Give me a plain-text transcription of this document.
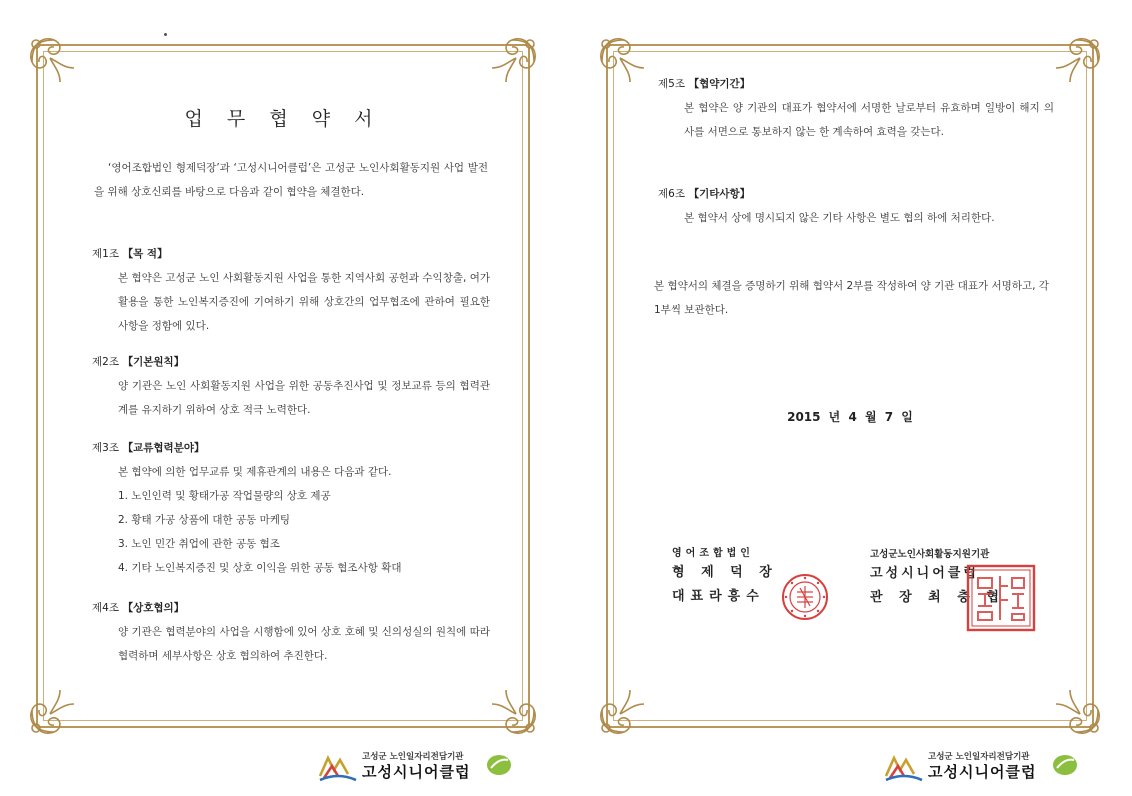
업 무 협 약 서
‘영어조합법인 형제덕장’과 ‘고성시니어클럽’은 고성군 노인사회활동지원 사업 발전을 위해 상호신뢰를 바탕으로 다음과 같이 협약을 체결한다.
제1조 【목 적】
본 협약은 고성군 노인 사회활동지원 사업을 통한 지역사회 공헌과 수익창출, 여가활용을 통한 노인복지증진에 기여하기 위해 상호간의 업무협조에 관하여 필요한 사항을 정함에 있다.
제2조 【기본원칙】
양 기관은 노인 사회활동지원 사업을 위한 공동추진사업 및 정보교류 등의 협력관계를 유지하기 위하여 상호 적극 노력한다.
제3조 【교류협력분야】
본 협약에 의한 업무교류 및 제휴관계의 내용은 다음과 같다.
1. 노인인력 및 황태가공 작업물량의 상호 제공
2. 황태 가공 상품에 대한 공동 마케팅
3. 노인 민간 취업에 관한 공동 협조
4. 기타 노인복지증진 및 상호 이익을 위한 공동 협조사항 확대
제4조 【상호협의】
양 기관은 협력분야의 사업을 시행함에 있어 상호 호혜 및 신의성실의 원칙에 따라 협력하며 세부사항은 상호 협의하여 추진한다.
제5조 【협약기간】
본 협약은 양 기관의 대표가 협약서에 서명한 날로부터 유효하며 일방이 해지 의사를 서면으로 통보하지 않는 한 계속하여 효력을 갖는다.
제6조 【기타사항】
본 협약서 상에 명시되지 않은 기타 사항은 별도 협의 하에 처리한다.
본 협약서의 체결을 증명하기 위해 협약서 2부를 작성하여 양 기관 대표가 서명하고, 각 1부씩 보관한다.
2015 년 4 월 7 일
영어조합법인
형 제 덕 장
대표라흥수
고성군노인사회활동지원기관
고성시니어클럽
관 장 최 충 협
고성군 노인일자리전담기관
고성시니어클럽
고성군 노인일자리전담기관
고성시니어클럽
